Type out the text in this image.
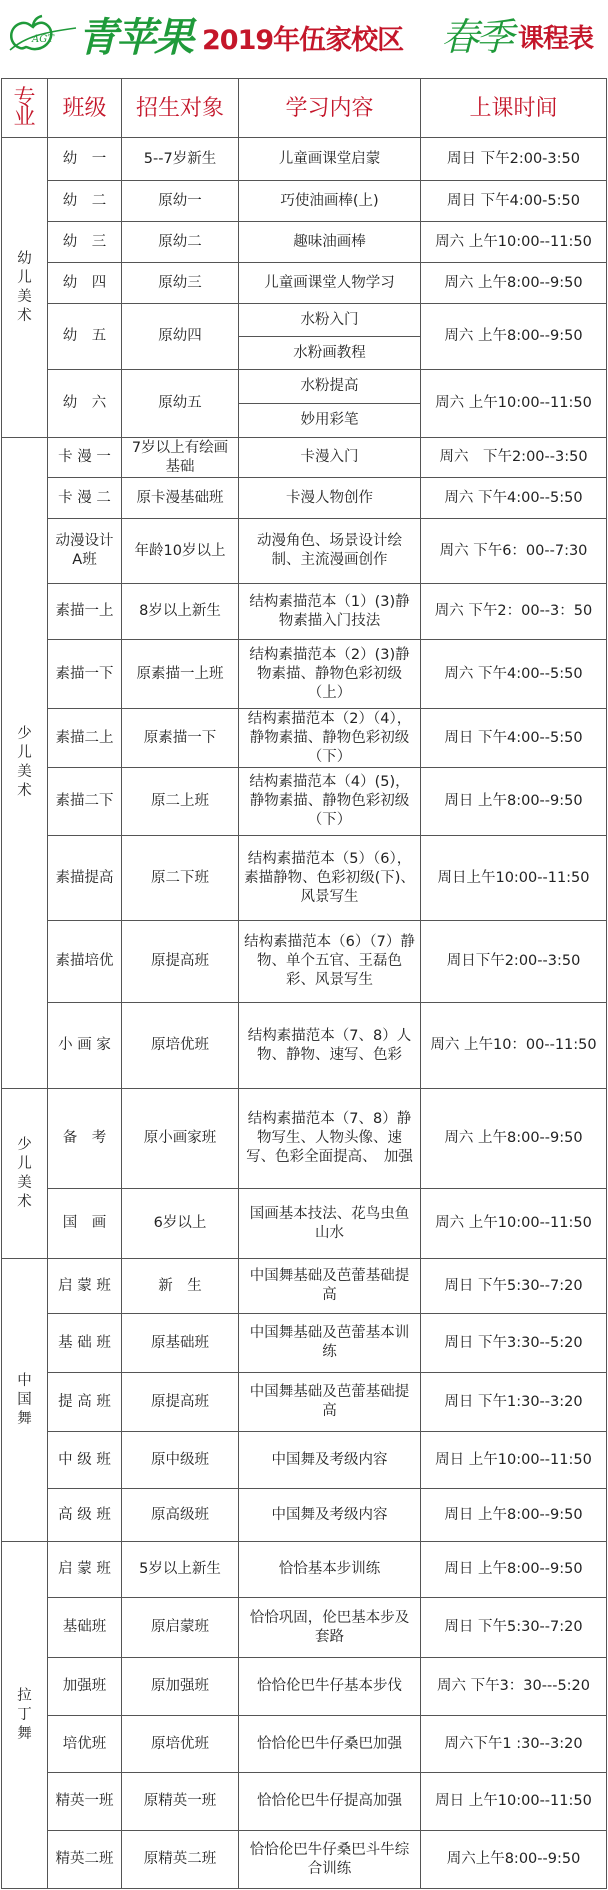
AGT 青苹果 2019年伍家校区 春季 课程表
专业	班级	招生对象	学习内容	上课时间
幼儿美术	幼　一	5--7岁新生	儿童画课堂启蒙	周日 下午2:00-3:50
	幼　二	原幼一	巧使油画棒(上)	周日 下午4:00-5:50
	幼　三	原幼二	趣味油画棒	周六 上午10:00--11:50
	幼　四	原幼三	儿童画课堂人物学习	周六 上午8:00--9:50
	幼　五	原幼四	水粉入门	周六 上午8:00--9:50
			水粉画教程	
	幼　六	原幼五	水粉提高	周六 上午10:00--11:50
			妙用彩笔	
少儿美术	卡 漫 一	7岁以上有绘画基础	卡漫入门	周六　下午2:00--3:50
	卡 漫 二	原卡漫基础班	卡漫人物创作	周六 下午4:00--5:50
	动漫设计A班	年龄10岁以上	动漫角色、场景设计绘制、主流漫画创作	周六 下午6：00--7:30
	素描一上	8岁以上新生	结构素描范本（1）(3)静物素描入门技法	周六 下午2：00--3：50
	素描一下	原素描一上班	结构素描范本（2）(3)静物素描、静物色彩初级（上）	周六 下午4:00--5:50
	素描二上	原素描一下	结构素描范本（2）（4），静物素描、静物色彩初级（下）	周日 下午4:00--5:50
	素描二下	原二上班	结构素描范本（4）(5)，静物素描、静物色彩初级（下）	周日 上午8:00--9:50
	素描提高	原二下班	结构素描范本（5）（6），素描静物、色彩初级(下)、风景写生	周日上午10:00--11:50
	素描培优	原提高班	结构素描范本（6）（7）静物、单个五官、王磊色彩、风景写生	周日下午2:00--3:50
	小 画 家	原培优班	结构素描范本（7、8）人物、静物、速写、色彩	周六 上午10：00--11:50
少儿美术	备　考	原小画家班	结构素描范本（7、8）静物写生、人物头像、速写、色彩全面提高、　加强	周六 上午8:00--9:50
	国　画	6岁以上	国画基本技法、花鸟虫鱼山水	周六 上午10:00--11:50
中国舞	启 蒙 班	新　生	中国舞基础及芭蕾基础提高	周日 下午5:30--7:20
	基 础 班	原基础班	中国舞基础及芭蕾基本训练	周日 下午3:30--5:20
	提 高 班	原提高班	中国舞基础及芭蕾基础提高	周日 下午1:30--3:20
	中 级 班	原中级班	中国舞及考级内容	周日 上午10:00--11:50
	高 级 班	原高级班	中国舞及考级内容	周日 上午8:00--9:50
拉丁舞	启 蒙 班	5岁以上新生	恰恰基本步训练	周日 上午8:00--9:50
	基础班	原启蒙班	恰恰巩固，伦巴基本步及套路	周日 下午5:30--7:20
	加强班	原加强班	恰恰伦巴牛仔基本步伐	周六 下午3：30---5:20
	培优班	原培优班	恰恰伦巴牛仔桑巴加强	周六下午1 :30--3:20
	精英一班	原精英一班	恰恰伦巴牛仔提高加强	周日 上午10:00--11:50
	精英二班	原精英二班	恰恰伦巴牛仔桑巴斗牛综合训练	周六上午8:00--9:50
